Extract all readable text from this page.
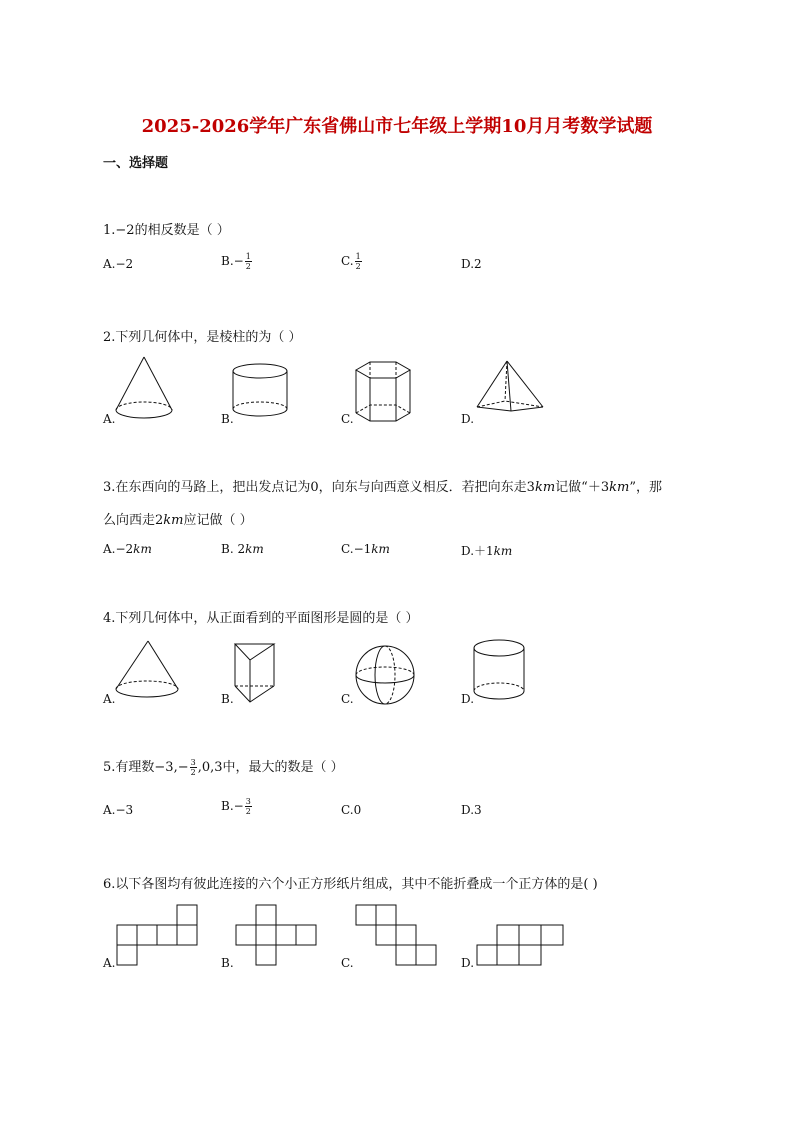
2025-2026学年广东省佛山市七年级上学期10月月考数学试题
一、选择题
1.−2的相反数是（ ）
A.−2	$B.- \frac{1}{2}$	C. $\frac{1}{2}$	D.2
2.下列几何体中，是棱柱的为（ ）
A.	B.	C.	D.
3.在东西向的马路上，把出发点记为0，向东与向西意义相反．若把向东走3km记做“＋3km”，那
么向西走2km应记做（ ）
A.−2km	B. 2km	C.−1km	D.＋1km
4.下列几何体中，从正面看到的平面图形是圆的是（ ）
A.	B.	C.	D.
5.有理数$-3,- \frac{3}{2} ,0,3$中，最大的数是（ ）
A.−3	$B.- \frac{3}{2}$	C.0	D.3
6.以下各图均有彼此连接的六个小正方形纸片组成，其中不能折叠成一个正方体的是( )
A.	B.	C.	D.
